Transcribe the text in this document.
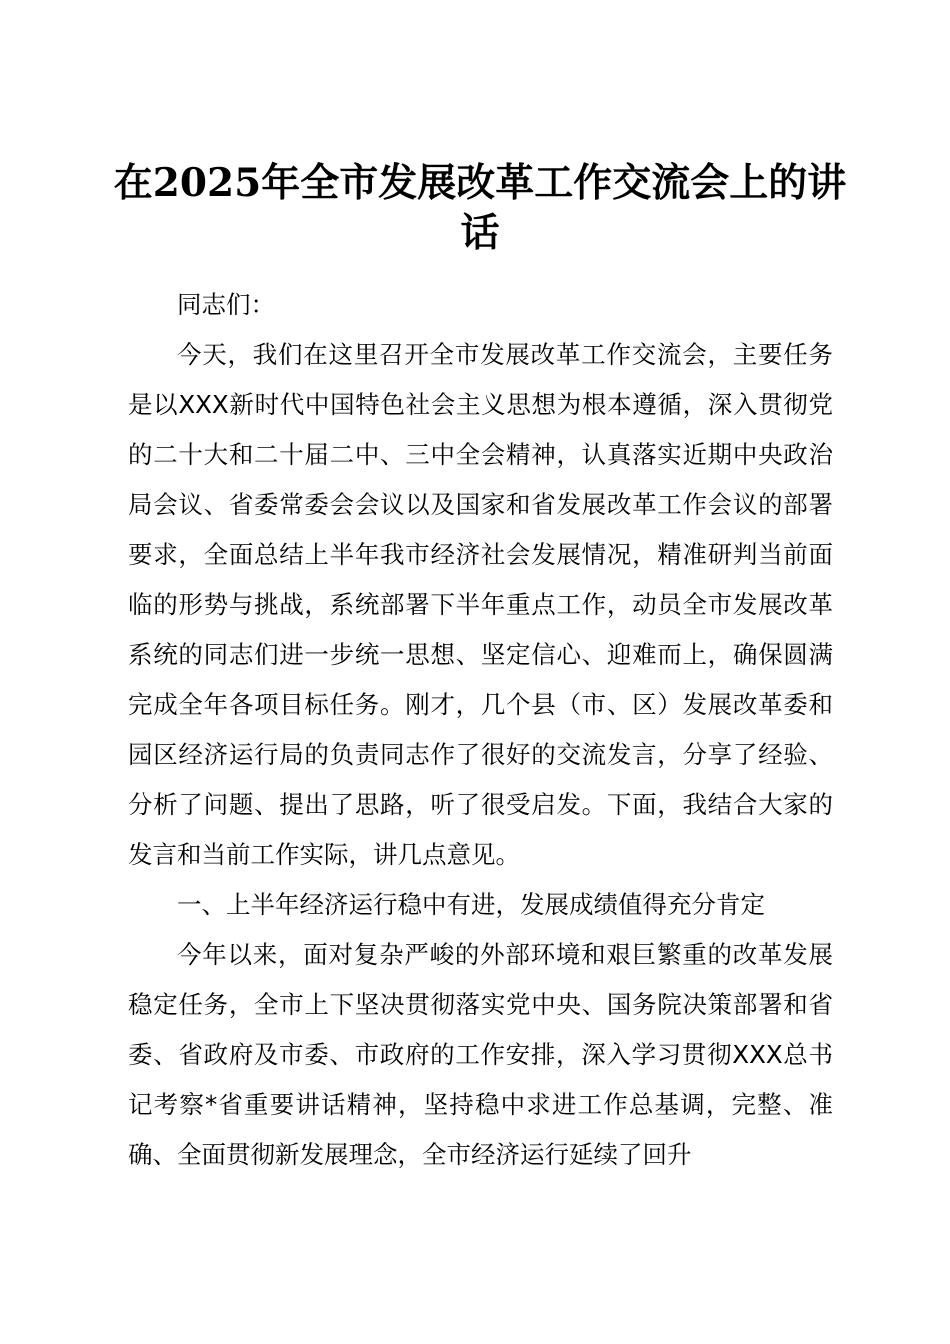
在2025年全市发展改革工作交流会上的讲话

同志们：

今天，我们在这里召开全市发展改革工作交流会，主要任务是以XXX新时代中国特色社会主义思想为根本遵循，深入贯彻党的二十大和二十届二中、三中全会精神，认真落实近期中央政治局会议、省委常委会会议以及国家和省发展改革工作会议的部署要求，全面总结上半年我市经济社会发展情况，精准研判当前面临的形势与挑战，系统部署下半年重点工作，动员全市发展改革系统的同志们进一步统一思想、坚定信心、迎难而上，确保圆满完成全年各项目标任务。刚才，几个县（市、区）发展改革委和园区经济运行局的负责同志作了很好的交流发言，分享了经验、分析了问题、提出了思路，听了很受启发。下面，我结合大家的发言和当前工作实际，讲几点意见。

一、上半年经济运行稳中有进，发展成绩值得充分肯定

今年以来，面对复杂严峻的外部环境和艰巨繁重的改革发展稳定任务，全市上下坚决贯彻落实党中央、国务院决策部署和省委、省政府及市委、市政府的工作安排，深入学习贯彻XXX总书记考察*省重要讲话精神，坚持稳中求进工作总基调，完整、准确、全面贯彻新发展理念，全市经济运行延续了回升
